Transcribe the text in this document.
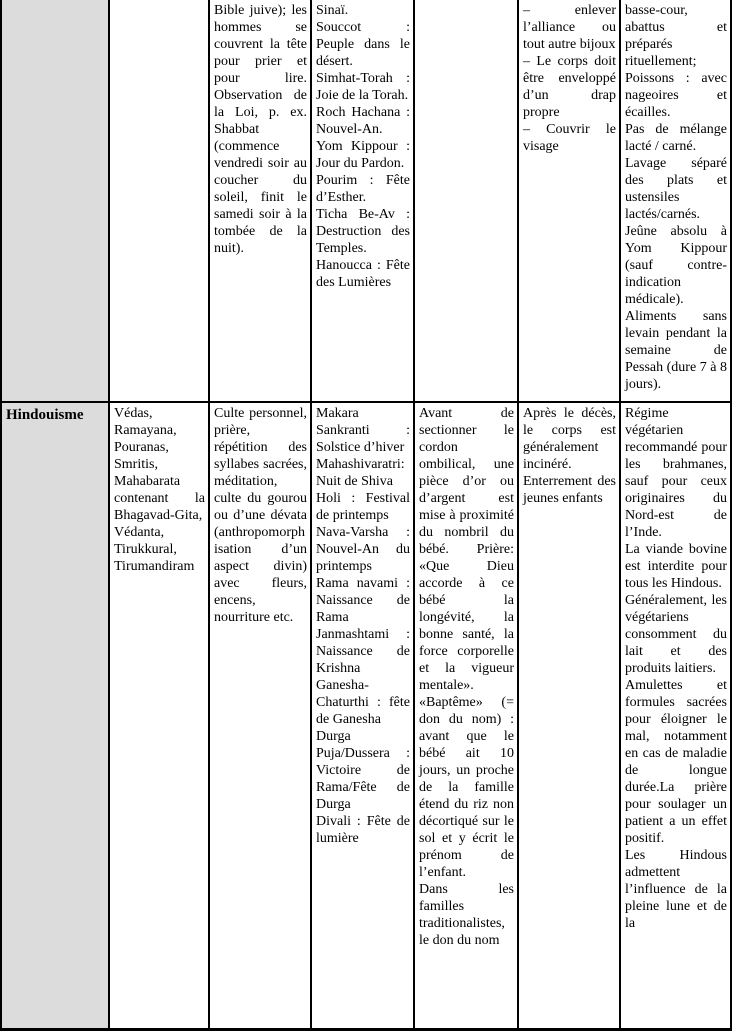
Bible juive); les hommes se couvrent la tête pour prier et pour lire. Observation de la Loi, p. ex. Shabbat (commence vendredi soir au coucher du soleil, finit le samedi soir à la tombée de la nuit).

Sinaï.

Souccot : Peuple dans le désert.

Simhat-Torah : Joie de la Torah.

Roch Hachana : Nouvel-An.

Yom Kippour : Jour du Pardon.

Pourim : Fête d’Esther.

Ticha Be-Av : Destruction des Temples.

Hanoucca : Fête des Lumières

– enlever l’alliance ou tout autre bijoux

– Le corps doit être enveloppé d’un drap propre

– Couvrir le visage

basse-cour, abattus et préparés rituellement; Poissons : avec nageoires et écailles.

Pas de mélange lacté / carné.

Lavage séparé des plats et ustensiles lactés/carnés.

Jeûne absolu à Yom Kippour (sauf contre-indication médicale).

Aliments sans levain pendant la semaine de Pessah (dure 7 à 8 jours).

Hindouisme	Védas,

Ramayana,

Pouranas,

Smritis,

Mahabarata contenant la Bhagavad-Gita,

Védanta,

Tirukkural,

Tirumandiram

Culte personnel, prière, répétition des syllabes sacrées, méditation, culte du gourou ou d’une dévata (anthropomorphisation d’un aspect divin) avec fleurs, encens, nourriture etc.

Makara Sankranti : Solstice d’hiver

Mahashivaratri: Nuit de Shiva

Holi : Festival de printemps

Nava-Varsha : Nouvel-An du printemps

Rama navami : Naissance de Rama

Janmashtami : Naissance de Krishna

Ganesha-Chaturthi : fête de Ganesha

Durga Puja/Dussera : Victoire de Rama/Fête de Durga

Divali : Fête de lumière

Avant de sectionner le cordon ombilical, une pièce d’or ou d’argent est mise à proximité du nombril du bébé. Prière: «Que Dieu accorde à ce bébé la longévité, la bonne santé, la force corporelle et la vigueur mentale».

«Baptême» (= don du nom) : avant que le bébé ait 10 jours, un proche de la famille étend du riz non décortiqué sur le sol et y écrit le prénom de l’enfant.

Dans les familles traditionalistes, le don du nom

Après le décès, le corps est généralement incinéré.

Enterrement des jeunes enfants

Régime végétarien recommandé pour les brahmanes, sauf pour ceux originaires du Nord-est de l’Inde.

La viande bovine est interdite pour tous les Hindous.

Généralement, les végétariens consomment du lait et des produits laitiers.

Amulettes et formules sacrées pour éloigner le mal, notamment en cas de maladie de longue durée.La prière pour soulager un patient a un effet positif.

Les Hindous admettent l’influence de la pleine lune et de la
